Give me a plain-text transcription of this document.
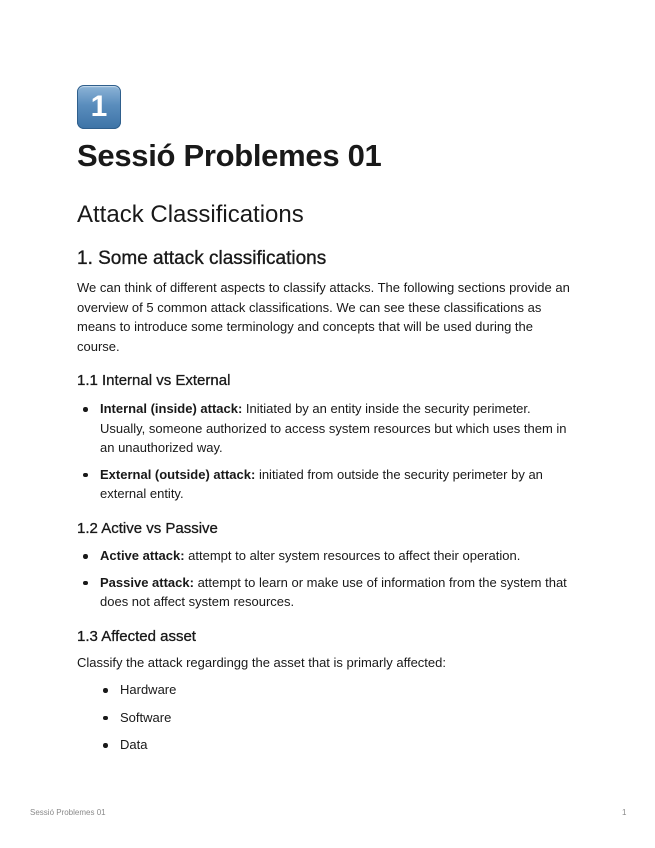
1
Sessió Problemes 01
Attack Classifications
1. Some attack classifications

We can think of different aspects to classify attacks. The following sections provide an overview of 5 common attack classifications. We can see these classifications as means to introduce some terminology and concepts that will be used during the course.

1.1 Internal vs External
Internal (inside) attack: Initiated by an entity inside the security perimeter. Usually, someone authorized to access system resources but which uses them in an unauthorized way.
External (outside) attack: initiated from outside the security perimeter by an external entity.
1.2 Active vs Passive
Active attack: attempt to alter system resources to affect their operation.
Passive attack: attempt to learn or make use of information from the system that does not affect system resources.
1.3 Affected asset

Classify the attack regardingg the asset that is primarly affected:

Hardware
Software
Data
Sessió Problemes 01	1
